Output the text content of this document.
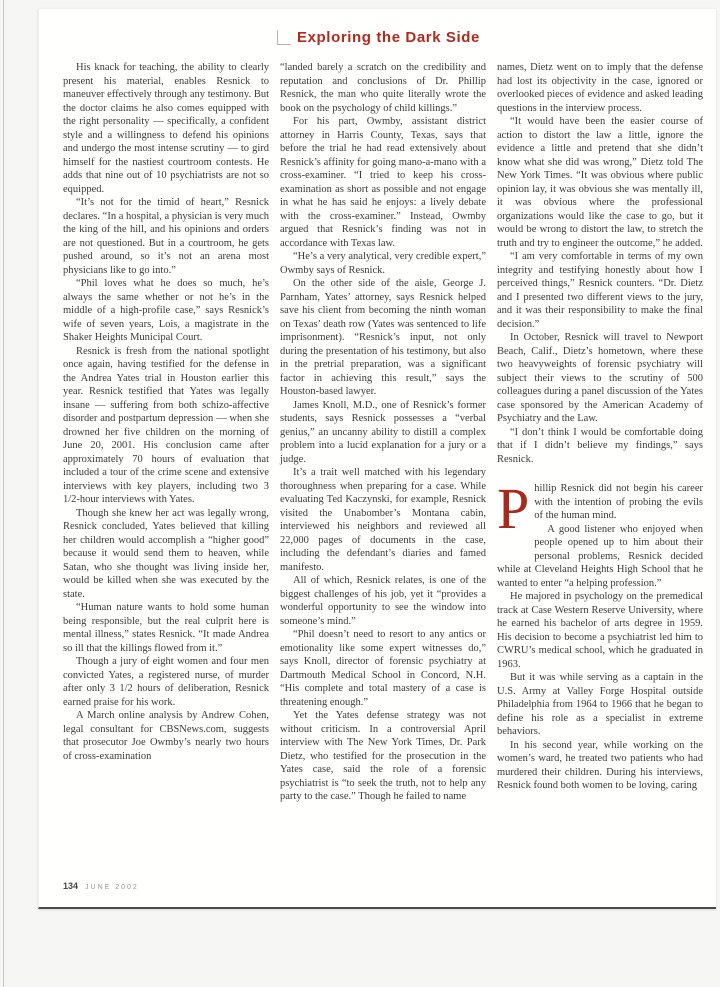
Exploring the Dark Side

His knack for teaching, the ability to clearly present his material, enables Resnick to maneuver effectively through any testimony. But the doctor claims he also comes equipped with the right personality — specifically, a confident style and a willingness to defend his opinions and undergo the most intense scrutiny — to gird himself for the nastiest courtroom contests. He adds that nine out of 10 psychiatrists are not so equipped.

“It’s not for the timid of heart,” Resnick declares. “In a hospital, a physician is very much the king of the hill, and his opinions and orders are not questioned. But in a courtroom, he gets pushed around, so it’s not an arena most physicians like to go into.”

“Phil loves what he does so much, he’s always the same whether or not he’s in the middle of a high-profile case,” says Resnick’s wife of seven years, Lois, a magistrate in the Shaker Heights Municipal Court.

Resnick is fresh from the national spotlight once again, having testified for the defense in the Andrea Yates trial in Houston earlier this year. Resnick testified that Yates was legally insane — suffering from both schizo-affective disorder and postpartum depression — when she drowned her five children on the morning of June 20, 2001. His conclusion came after approximately 70 hours of evaluation that included a tour of the crime scene and extensive interviews with key players, including two 3 1/2-hour interviews with Yates.

Though she knew her act was legally wrong, Resnick concluded, Yates believed that killing her children would accomplish a “higher good” because it would send them to heaven, while Satan, who she thought was living inside her, would be killed when she was executed by the state.

“Human nature wants to hold some human being responsible, but the real culprit here is mental illness,” states Resnick. “It made Andrea so ill that the killings flowed from it.”

Though a jury of eight women and four men convicted Yates, a registered nurse, of murder after only 3 1/2 hours of deliberation, Resnick earned praise for his work.

A March online analysis by Andrew Cohen, legal consultant for CBSNews.com, suggests that prosecutor Joe Owmby’s nearly two hours of cross-examination

“landed barely a scratch on the credibility and reputation and conclusions of Dr. Phillip Resnick, the man who quite literally wrote the book on the psychology of child killings.”

For his part, Owmby, assistant district attorney in Harris County, Texas, says that before the trial he had read extensively about Resnick’s affinity for going mano-a-mano with a cross-examiner. “I tried to keep his cross-examination as short as possible and not engage in what he has said he enjoys: a lively debate with the cross-examiner.” Instead, Owmby argued that Resnick’s finding was not in accordance with Texas law.

“He’s a very analytical, very credible expert,” Owmby says of Resnick.

On the other side of the aisle, George J. Parnham, Yates’ attorney, says Resnick helped save his client from becoming the ninth woman on Texas’ death row (Yates was sentenced to life imprisonment). “Resnick’s input, not only during the presentation of his testimony, but also in the pretrial preparation, was a significant factor in achieving this result,” says the Houston-based lawyer.

James Knoll, M.D., one of Resnick’s former students, says Resnick possesses a “verbal genius,” an uncanny ability to distill a complex problem into a lucid explanation for a jury or a judge.

It’s a trait well matched with his legendary thoroughness when preparing for a case. While evaluating Ted Kaczynski, for example, Resnick visited the Unabomber’s Montana cabin, interviewed his neighbors and reviewed all 22,000 pages of documents in the case, including the defendant’s diaries and famed manifesto.

All of which, Resnick relates, is one of the biggest challenges of his job, yet it “provides a wonderful opportunity to see the window into someone’s mind.”

“Phil doesn’t need to resort to any antics or emotionality like some expert witnesses do,” says Knoll, director of forensic psychiatry at Dartmouth Medical School in Concord, N.H. “His complete and total mastery of a case is threatening enough.”

Yet the Yates defense strategy was not without criticism. In a controversial April interview with The New York Times, Dr. Park Dietz, who testified for the prosecution in the Yates case, said the role of a forensic psychiatrist is “to seek the truth, not to help any party to the case.” Though he failed to name

names, Dietz went on to imply that the defense had lost its objectivity in the case, ignored or overlooked pieces of evidence and asked leading questions in the interview process.

“It would have been the easier course of action to distort the law a little, ignore the evidence a little and pretend that she didn’t know what she did was wrong,” Dietz told The New York Times. “It was obvious where public opinion lay, it was obvious she was mentally ill, it was obvious where the professional organizations would like the case to go, but it would be wrong to distort the law, to stretch the truth and try to engineer the outcome,” he added.

“I am very comfortable in terms of my own integrity and testifying honestly about how I perceived things,” Resnick counters. “Dr. Dietz and I presented two different views to the jury, and it was their responsibility to make the final decision.”

In October, Resnick will travel to Newport Beach, Calif., Dietz’s hometown, where these two heavyweights of forensic psychiatry will subject their views to the scrutiny of 500 colleagues during a panel discussion of the Yates case sponsored by the American Academy of Psychiatry and the Law.

“I don’t think I would be comfortable doing that if I didn’t believe my findings,” says Resnick.

Phillip Resnick did not begin his career with the intention of probing the evils of the human mind.

A good listener who enjoyed when people opened up to him about their personal problems, Resnick decided while at Cleveland Heights High School that he wanted to enter “a helping profession.”

He majored in psychology on the premedical track at Case Western Reserve University, where he earned his bachelor of arts degree in 1959. His decision to become a psychiatrist led him to CWRU’s medical school, which he graduated in 1963.

But it was while serving as a captain in the U.S. Army at Valley Forge Hospital outside Philadelphia from 1964 to 1966 that he began to define his role as a specialist in extreme behaviors.

In his second year, while working on the women’s ward, he treated two patients who had murdered their children. During his interviews, Resnick found both women to be loving, caring

134 JUNE 2002
